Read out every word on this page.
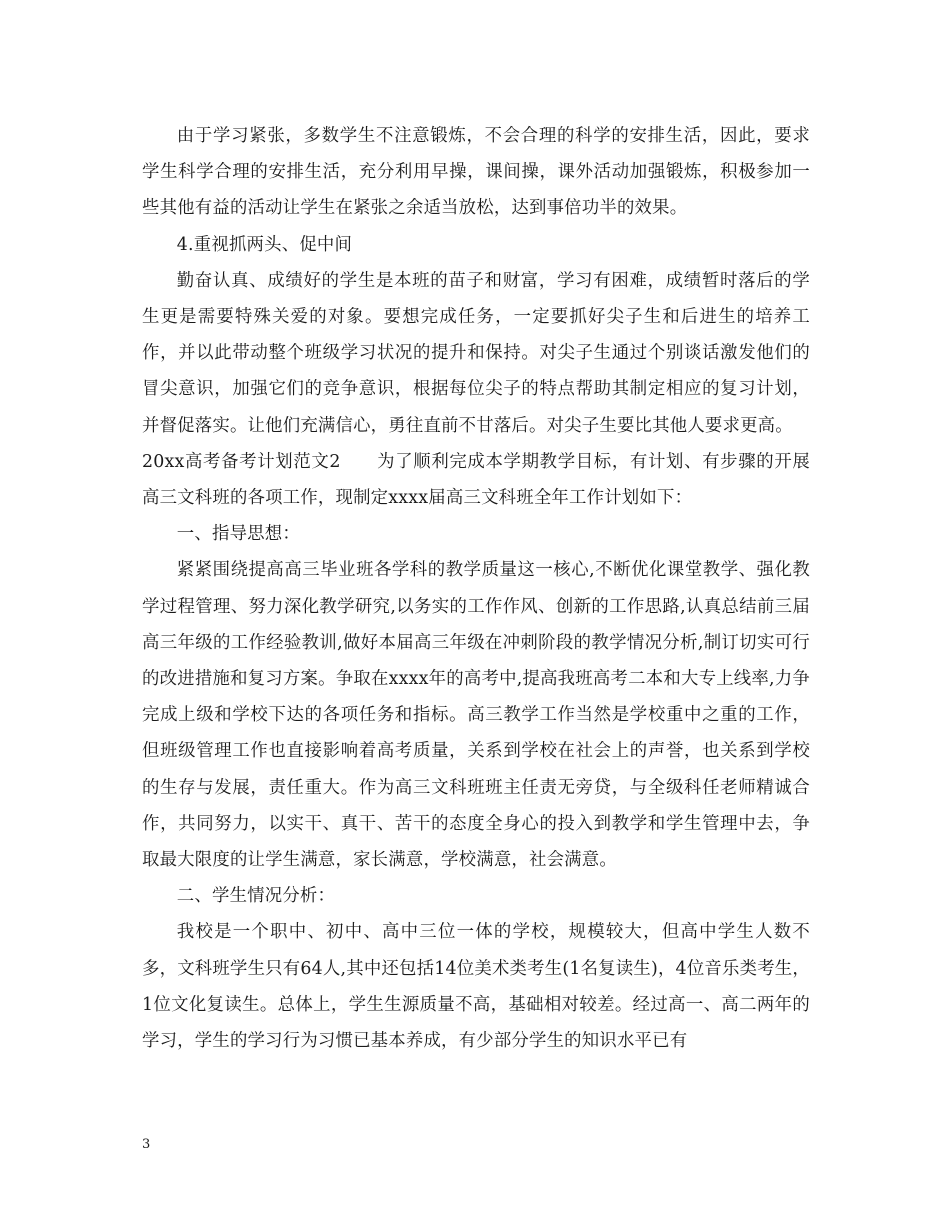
由于学习紧张，多数学生不注意锻炼，不会合理的科学的安排生活，因此，要求学生科学合理的安排生活，充分利用早操，课间操，课外活动加强锻炼，积极参加一些其他有益的活动让学生在紧张之余适当放松，达到事倍功半的效果。

4.重视抓两头、促中间

勤奋认真、成绩好的学生是本班的苗子和财富，学习有困难，成绩暂时落后的学生更是需要特殊关爱的对象。要想完成任务，一定要抓好尖子生和后进生的培养工作，并以此带动整个班级学习状况的提升和保持。对尖子生通过个别谈话激发他们的冒尖意识，加强它们的竞争意识，根据每位尖子的特点帮助其制定相应的复习计划，并督促落实。让他们充满信心，勇往直前不甘落后。对尖子生要比其他人要求更高。

20xx高考备考计划范文2 为了顺利完成本学期教学目标，有计划、有步骤的开展高三文科班的各项工作，现制定xxxx届高三文科班全年工作计划如下：

一、指导思想：

紧紧围绕提高高三毕业班各学科的教学质量这一核心,不断优化课堂教学、强化教学过程管理、努力深化教学研究,以务实的工作作风、创新的工作思路,认真总结前三届高三年级的工作经验教训,做好本届高三年级在冲刺阶段的教学情况分析,制订切实可行的改进措施和复习方案。争取在xxxx年的高考中,提高我班高考二本和大专上线率,力争完成上级和学校下达的各项任务和指标。高三教学工作当然是学校重中之重的工作，但班级管理工作也直接影响着高考质量，关系到学校在社会上的声誉，也关系到学校的生存与发展，责任重大。作为高三文科班班主任责无旁贷，与全级科任老师精诚合作，共同努力，以实干、真干、苦干的态度全身心的投入到教学和学生管理中去，争取最大限度的让学生满意，家长满意，学校满意，社会满意。

二、学生情况分析：

我校是一个职中、初中、高中三位一体的学校，规模较大，但高中学生人数不多，文科班学生只有64人,其中还包括14位美术类考生(1名复读生)，4位音乐类考生，1位文化复读生。总体上，学生生源质量不高，基础相对较差。经过高一、高二两年的学习，学生的学习行为习惯已基本养成，有少部分学生的知识水平已有

3
